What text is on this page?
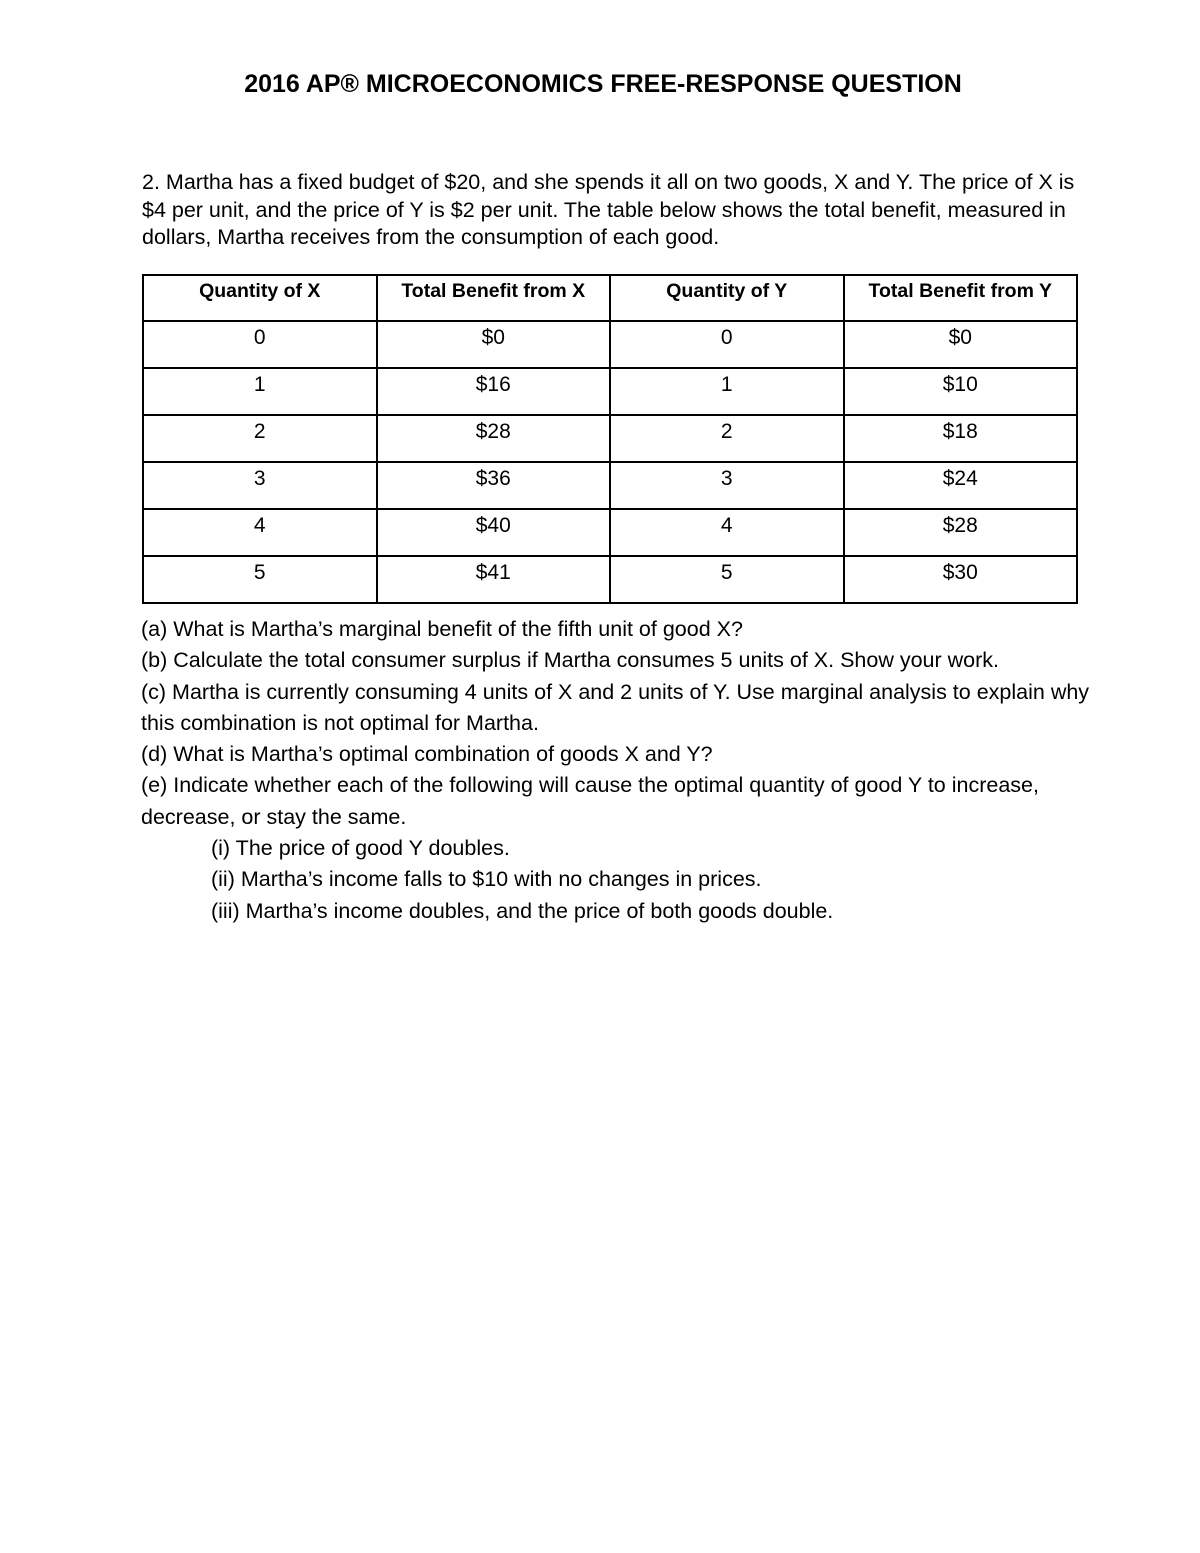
2016 AP® MICROECONOMICS FREE-RESPONSE QUESTION
2. Martha has a fixed budget of $20, and she spends it all on two goods, X and Y. The price of X is $4 per unit, and the price of Y is $2 per unit. The table below shows the total benefit, measured in dollars, Martha receives from the consumption of each good.
Quantity of X	Total Benefit from X	Quantity of Y	Total Benefit from Y
0	$0	0	$0
1	$16	1	$10
2	$28	2	$18
3	$36	3	$24
4	$40	4	$28
5	$41	5	$30

(a) What is Martha’s marginal benefit of the fifth unit of good X?

(b) Calculate the total consumer surplus if Martha consumes 5 units of X. Show your work.

(c) Martha is currently consuming 4 units of X and 2 units of Y. Use marginal analysis to explain why this combination is not optimal for Martha.

(d) What is Martha’s optimal combination of goods X and Y?

(e) Indicate whether each of the following will cause the optimal quantity of good Y to increase, decrease, or stay the same.

(i) The price of good Y doubles.

(ii) Martha’s income falls to $10 with no changes in prices.

(iii) Martha’s income doubles, and the price of both goods double.
